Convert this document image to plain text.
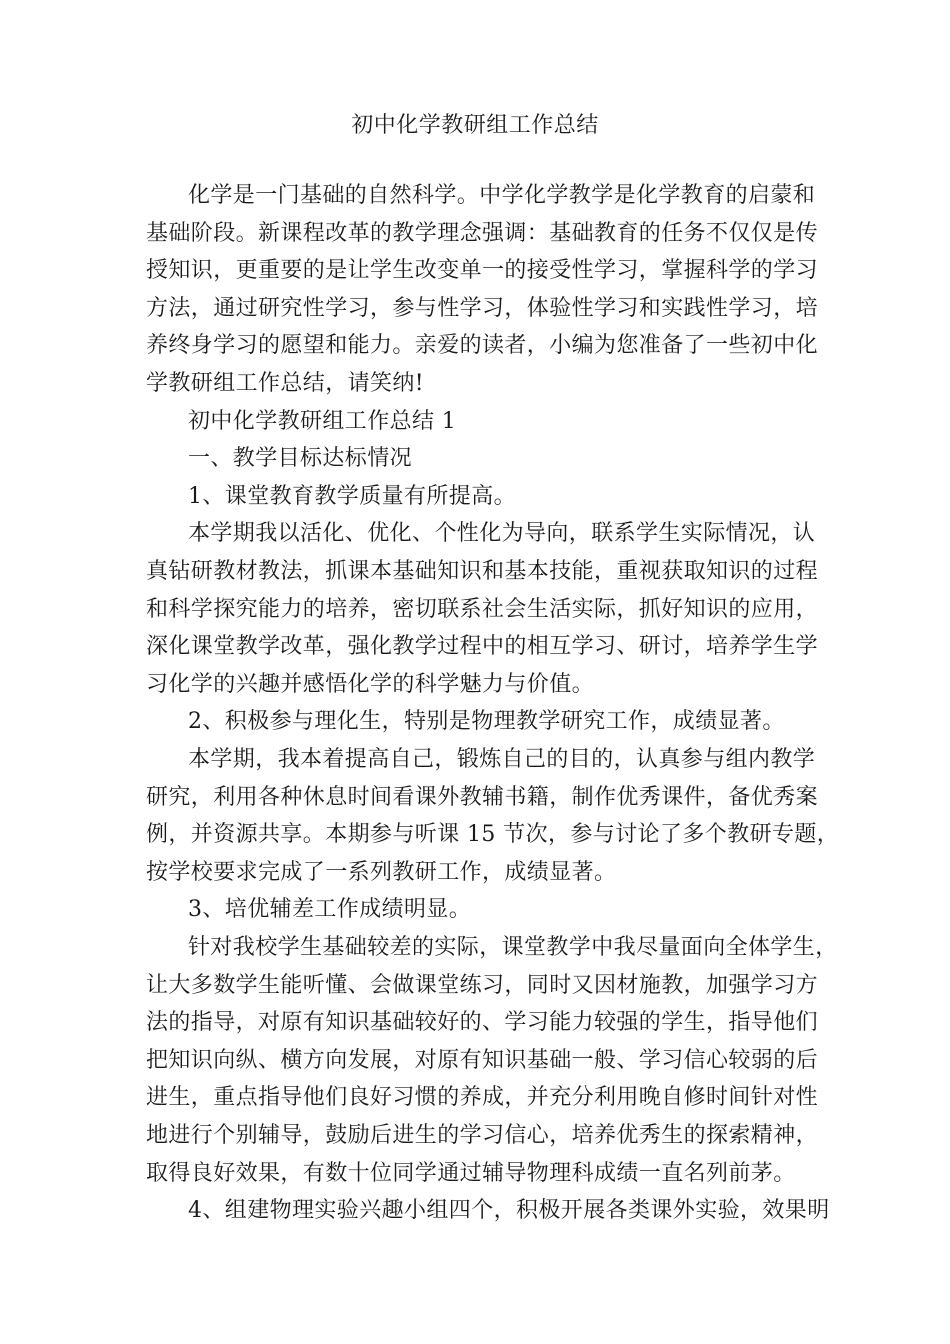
初中化学教研组工作总结
化学是一门基础的自然科学。中学化学教学是化学教育的启蒙和
基础阶段。新课程改革的教学理念强调：基础教育的任务不仅仅是传
授知识，更重要的是让学生改变单一的接受性学习，掌握科学的学习
方法，通过研究性学习，参与性学习，体验性学习和实践性学习，培
养终身学习的愿望和能力。亲爱的读者，小编为您准备了一些初中化
学教研组工作总结，请笑纳!
初中化学教研组工作总结 1
一、教学目标达标情况
1、课堂教育教学质量有所提高。
本学期我以活化、优化、个性化为导向，联系学生实际情况，认
真钻研教材教法，抓课本基础知识和基本技能，重视获取知识的过程
和科学探究能力的培养，密切联系社会生活实际，抓好知识的应用，
深化课堂教学改革，强化教学过程中的相互学习、研讨，培养学生学
习化学的兴趣并感悟化学的科学魅力与价值。
2、积极参与理化生，特别是物理教学研究工作，成绩显著。
本学期，我本着提高自己，锻炼自己的目的，认真参与组内教学
研究，利用各种休息时间看课外教辅书籍，制作优秀课件，备优秀案
例，并资源共享。本期参与听课 15 节次，参与讨论了多个教研专题，
按学校要求完成了一系列教研工作，成绩显著。
3、培优辅差工作成绩明显。
针对我校学生基础较差的实际，课堂教学中我尽量面向全体学生，
让大多数学生能听懂、会做课堂练习，同时又因材施教，加强学习方
法的指导，对原有知识基础较好的、学习能力较强的学生，指导他们
把知识向纵、横方向发展，对原有知识基础一般、学习信心较弱的后
进生，重点指导他们良好习惯的养成，并充分利用晚自修时间针对性
地进行个别辅导，鼓励后进生的学习信心，培养优秀生的探索精神，
取得良好效果，有数十位同学通过辅导物理科成绩一直名列前茅。
4、组建物理实验兴趣小组四个，积极开展各类课外实验，效果明
